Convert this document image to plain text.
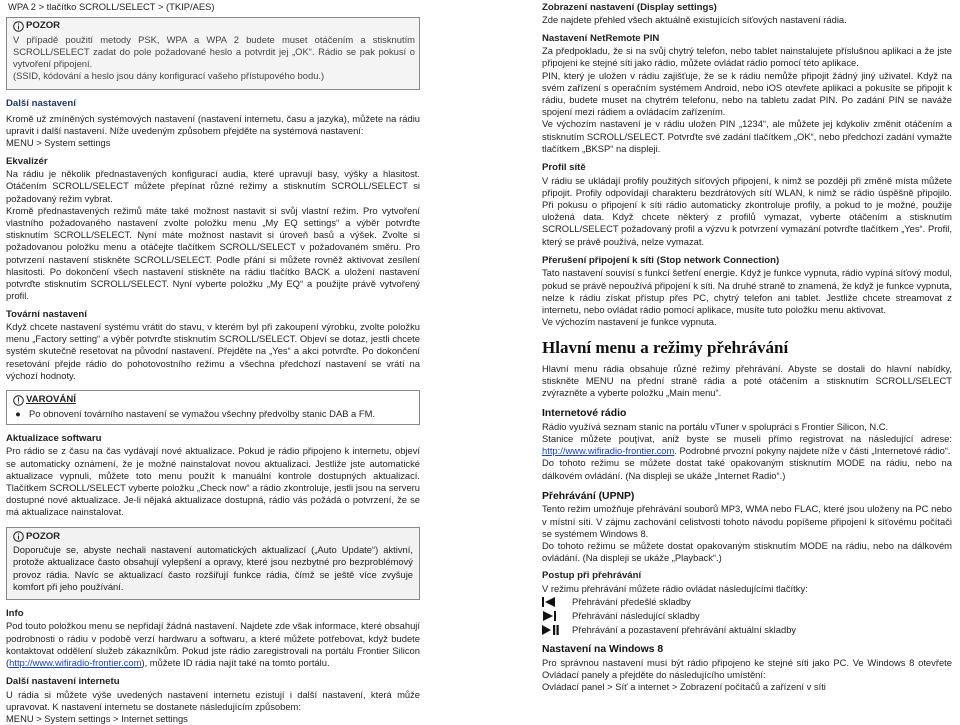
WPA 2 > tlačítko SCROLL/SELECT > (TKIP/AES)

POZOR

V případě použití metody PSK, WPA a WPA 2 budete muset otáčením a stisknutím SCROLL/SELECT zadat do pole požadované heslo a potvrdit jej „OK“. Rádio se pak pokusí o vytvoření připojení.

(SSID, kódování a heslo jsou dány konfigurací vašeho přístupového bodu.)

Další nastavení

Kromě už zmíněných systémových nastavení (nastavení internetu, času a jazyka), můžete na rádiu upravit i další nastavení. Níže uvedeným způsobem přejděte na systémová nastavení:

MENU > System settings

Ekvalizér

Na rádiu je několik přednastavených konfigurací audia, které upravují basy, výšky a hlasitost. Otáčením SCROLL/SELECT můžete přepínat různé režimy a stisknutím SCROLL/SELECT si požadovaný režim vybrat.

Kromě přednastavených režimů máte také možnost nastavit si svůj vlastní režim. Pro vytvoření vlastního požadovaného nastavení zvolte položku menu „My EQ settings“ a výběr potvrďte stisknutím SCROLL/SELECT. Nyní máte možnost nastavit si úroveň basů a výšek. Zvolte si požadovanou položku menu a otáčejte tlačítkem SCROLL/SELECT v požadovaném směru. Pro potvrzení nastavení stiskněte SCROLL/SELECT. Podle přání si můžete rovněž aktivovat zesílení hlasitosti. Po dokončení všech nastavení stiskněte na rádiu tlačítko BACK a uložení nastavení potvrďte stisknutím SCROLL/SELECT. Nyní vyberte položku „My EQ“ a použijte právě vytvořený profil.

Tovární nastavení

Když chcete nastavení systému vrátit do stavu, v kterém byl při zakoupení výrobku, zvolte položku menu „Factory setting“ a výběr potvrďte stisknutím SCROLL/SELECT. Objeví se dotaz, jestli chcete systém skutečně resetovat na původní nastavení. Přejděte na „Yes“ a akci potvrďte. Po dokončení resetování přejde rádio do pohotovostního režimu a všechna předchozí nastavení se vrátí na výchozí hodnoty.

VAROVÁNÍ
● Po obnovení továrního nastavení se vymažou všechny předvolby stanic DAB a FM.
Aktualizace softwaru

Pro rádio se z času na čas vydávají nové aktualizace. Pokud je rádio připojeno k internetu, objeví se automaticky oznámení, že je možné nainstalovat novou aktualizaci. Jestliže jste automatické aktualizace vypnuli, můžete toto menu použít k manuální kontrole dostupných aktualizací. Tlačítkem SCROLL/SELECT vyberte položku „Check now“ a rádio zkontroluje, jestli jsou na serveru dostupné nové aktualizace. Je-li nějaká aktualizace dostupná, rádio vás požádá o potvrzení, že se má aktualizace nainstalovat.

POZOR

Doporučuje se, abyste nechali nastavení automatických aktualizací („Auto Update“) aktivní, protože aktualizace často obsahují vylepšení a opravy, které jsou nezbytné pro bezproblémový provoz rádia. Navíc se aktualizací často rozšiřují funkce rádia, čímž se ještě více zvyšuje komfort při jeho používání.

Info

Pod touto položkou menu se nepřidají žádná nastavení. Najdete zde však informace, které obsahují podrobnosti o rádiu v podobě verzí hardwaru a softwaru, a které můžete potřebovat, když budete kontaktovat oddělení služeb zákazníkům. Pokud jste rádio zaregistrovali na portálu Frontier Silicon (http://www.wifiradio-frontier.com), můžete ID rádia najít také na tomto portálu.

Další nastavení internetu

U rádia si můžete výše uvedených nastavení internetu ezistují i další nastavení, která může upravovat. K nastavení internetu se dostanete následujícím způsobem:

MENU > System settings > Internet settings

Zobrazení nastavení (Display settings)

Zde najdete přehled všech aktuálně existujících síťových nastavení rádia.

Nastavení NetRemote PIN

Za předpokladu, že si na svůj chytrý telefon, nebo tablet nainstalujete příslušnou aplikaci a že jste připojeni ke stejné síti jako rádio, můžete ovládat rádio pomocí této aplikace.

PIN, který je uložen v rádiu zajišťuje, že se k rádiu nemůže připojit žádný jiný uživatel. Když na svém zařízení s operačním systémem Android, nebo iOS otevřete aplikaci a pokusíte se připojit k rádiu, budete muset na chytrém telefonu, nebo na tabletu zadat PIN. Po zadání PIN se naváže spojení mezi rádiem a ovládacím zařízením.

Ve výchozím nastavení je v rádiu uložen PIN „1234“, ale můžete jej kdykoliv změnit otáčením a stisknutím SCROLL/SELECT. Potvrďte své zadání tlačítkem „OK“, nebo předchozí zadání vymažte tlačítkem „BKSP“ na displeji.

Profil sítě

V rádiu se ukládají profily použitých síťových připojení, k nimž se později při změně místa můžete připojit. Profily odpovídají charakteru bezdrátových sítí WLAN, k nimž se rádio úspěšně připojilo. Při pokusu o připojení k síti rádio automaticky zkontroluje profily, a pokud to je možné, použije uložená data. Když chcete některý z profilů vymazat, vyberte otáčením a stisknutím SCROLL/SELECT požadovaný profil a výzvu k potvrzení vymazání potvrďte tlačítkem „Yes“. Profil, který se právě používá, nelze vymazat.

Přerušení připojení k síti (Stop network Connection)

Tato nastavení souvisí s funkcí šetření energie. Když je funkce vypnuta, rádio vypíná síťový modul, pokud se právě nepoužívá připojení k síti. Na druhé straně to znamená, že když je funkce vypnuta, nelze k rádiu získat přístup přes PC, chytrý telefon ani tablet. Jestliže chcete streamovat z internetu, nebo ovládat rádio pomocí aplikace, musíte tuto položku menu aktivovat.

Ve výchozím nastavení je funkce vypnuta.

Hlavní menu a režimy přehrávání

Hlavní menu rádia obsahuje různé režimy přehrávání. Abyste se dostali do hlavní nabídky, stiskněte MENU na přední straně rádia a poté otáčením a stisknutím SCROLL/SELECT zvýrazněte a vyberte položku „Main menu“.

Internetové rádio

Rádio využívá seznam stanic na portálu vTuner v spolupráci s Frontier Silicon, N.C.

Stanice můžete pouţívat, aniž byste se museli přímo registrovat na následující adrese: http://www.wifiradio-frontier.com. Podrobné prvozní pokyny najdete níže v části „Internetové rádio“.

Do tohoto režimu se můžete dostat také opakovaným stisknutím MODE na rádiu, nebo na dálkovém ovládání. (Na displeji se ukáže „Internet Radio“.)

Přehrávání (UPNP)

Tento režim umožňuje přehrávání souborů MP3, WMA nebo FLAC, které jsou uloženy na PC nebo v místní síti. V zájmu zachování celistvosti tohoto návodu popíšeme připojení k síťovému počítači se systémem Windows 8.

Do tohoto režimu se můžete dostat opakovaným stisknutím MODE na rádiu, nebo na dálkovém ovládání. (Na displeji se ukáže „Playback“.)

Postup při přehrávání

V režimu přehrávání můžete rádio ovládat následujícími tlačítky:

Přehrávání předešlé skladby
Přehrávání následující skladby
Přehrávání a pozastavení přehrávání aktuální skladby
Nastavení na Windows 8

Pro správnou nastavení musí být rádio připojeno ke stejné síti jako PC. Ve Windows 8 otevřete Ovládací panely a přejděte do následujícího umístění:

Ovládací panel > Síť a internet > Zobrazení počítačů a zařízení v síti
